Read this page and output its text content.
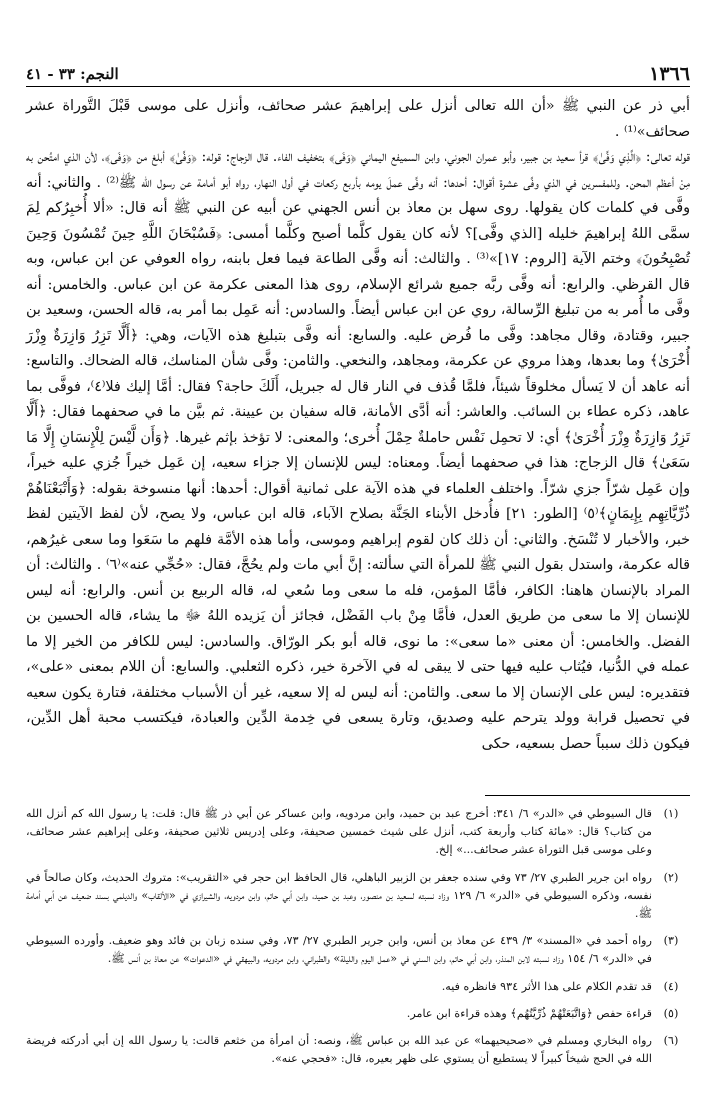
النجم: ٣٣ - ٤١	١٣٦٦

أبي ذر عن النبي ﷺ «أن الله تعالى أنزل على إبراهيمَ عشر صحائف، وأنزل على موسى قَبْلَ التَّوراة عشر صحائف»⁽¹⁾ .

قوله تعالى: ﴿الَّذِي وَفَّىٰ﴾ قرأ سعيد بن جبير، وأبو عمران الجوني، وابن السميفع اليماني ﴿وَفَى﴾ بتخفيف الفاء. قال الزجاج: قوله: ﴿وَفَّىٰ﴾ أبلغ من ﴿وَفَى﴾، لأن الذي امتُحن به مِنْ أعظم المحن. وللمفسرين في الذي وفَّى عشرة أقوال: أحدها: أنه وفَّى عملَ يومه بأربع ركعات في أول النهار، رواه أبو أمامة عن رسول الله ﷺ⁽²⁾ . والثاني: أنه وفَّى في كلمات كان يقولها. روى سهل بن معاذ بن أنس الجهني عن أبيه عن النبي ﷺ أنه قال: «ألا أُخبِرُكم لِمَ سمَّى اللهُ إبراهيمَ خليله [الذي وفَّى]؟ لأنه كان يقول كلَّما أصبح وكلَّما أمسى: ﴿فَسُبْحَانَ اللَّهِ حِينَ تُمْسُونَ وَحِينَ تُصْبِحُونَ﴾ وختم الآية [الروم: ١٧]»⁽³⁾ . والثالث: أنه وفَّى الطاعة فيما فعل بابنه، رواه العوفي عن ابن عباس، وبه قال القرظي. والرابع: أنه وفَّى ربَّه جميع شرائع الإسلام، روى هذا المعنى عكرمة عن ابن عباس. والخامس: أنه وفَّى ما أُمر به من تبليغ الرِّسالة، روي عن ابن عباس أيضاً. والسادس: أنه عَمِل بما أمر به، قاله الحسن، وسعيد بن جبير، وقتادة، وقال مجاهد: وفَّى ما فُرض عليه. والسابع: أنه وفَّى بتبليغ هذه الآيات، وهي: ﴿أَلَّا تَزِرُ وَازِرَةٌ وِزْرَ أُخْرَىٰ﴾ وما بعدها، وهذا مروي عن عكرمة، ومجاهد، والنخعي. والثامن: وفَّى شأن المناسك، قاله الضحاك. والتاسع: أنه عاهد أن لا يَسأل مخلوقاً شيئاً، فلمَّا قُذف في النار قال له جبريل، أَلَكَ حاجة؟ فقال: أمَّا إليك فلا⁽٤⁾، فوفَّى بما عاهد، ذكره عطاء بن السائب. والعاشر: أنه أدَّى الأمانة، قاله سفيان بن عيينة. ثم بيَّن ما في صحفهما فقال: ﴿أَلَّا تَزِرُ وَازِرَةٌ وِزْرَ أُخْرَىٰ﴾ أي: لا تحمِل نَفْس حاملةٌ حِمْلَ أُخرى؛ والمعنى: لا تؤخذ بإثم غيرها. ﴿وَأَن لَّيْسَ لِلْإِنسَانِ إِلَّا مَا سَعَىٰ﴾ قال الزجاج: هذا في صحفهما أيضاً. ومعناه: ليس للإنسان إلا جزاء سعيه، إن عَمِل خيراً جُزي عليه خيراً، وإن عَمِل شرّاً جزي شرّاً. واختلف العلماء في هذه الآية على ثمانية أقوال: أحدها: أنها منسوخة بقوله: ﴿وَأَتْبَعْنَاهُمْ ذُرِّيَّاتِهِم بِإِيمَانٍ﴾⁽٥⁾ [الطور: ٢١] فأُدخل الأبناء الجَنَّة بصلاح الآباء، قاله ابن عباس، ولا يصح، لأن لفظ الآيتين لفظ خبر، والأخبار لا تُنْسَخ. والثاني: أن ذلك كان لقوم إبراهيم وموسى، وأما هذه الأمَّة فلهم ما سَعَوا وما سعى غيرُهم، قاله عكرمة، واستدل بقول النبي ﷺ للمرأة التي سألته: إنَّ أبي مات ولم يحُجَّ، فقال: «حُجِّي عنه»⁽٦⁾ . والثالث: أن المراد بالإنسان هاهنا: الكافر، فأمَّا المؤمن، فله ما سعى وما سُعي له، قاله الربيع بن أنس. والرابع: أنه ليس للإنسان إلا ما سعى من طريق العدل، فأمَّا مِنْ باب الفَضْل، فجائز أن يَزيده اللهُ ﷻ ما يشاء، قاله الحسين بن الفضل. والخامس: أن معنى «ما سعى»: ما نوى، قاله أبو بكر الورّاق. والسادس: ليس للكافر من الخير إلا ما عمله في الدُّنيا، فيُثاب عليه فيها حتى لا يبقى له في الآخرة خير، ذكره الثعلبي. والسابع: أن اللام بمعنى «على»، فتقديره: ليس على الإنسان إلا ما سعى. والثامن: أنه ليس له إلا سعيه، غير أن الأسباب مختلفة، فتارة يكون سعيه في تحصيل قرابة وولد يترحم عليه وصديق، وتارة يسعى في خِدمة الدِّين والعبادة، فيكتسب محبة أهل الدِّين، فيكون ذلك سبباً حصل بسعيه، حكى

(١)
قال السيوطي في «الدر» ٦/ ٣٤١: أخرج عبد بن حميد، وابن مردويه، وابن عساكر عن أبي ذر ﷺ قال: قلت: يا رسول الله كم أنزل الله من كتاب؟ قال: «مائة كتاب وأربعة كتب، أنزل على شيث خمسين صحيفة، وعلى إدريس ثلاثين صحيفة، وعلى إبراهيم عشر صحائف، وعلى موسى قبل التوراة عشر صحائف...» إلخ.
(٢)
رواه ابن جرير الطبري ٢٧/ ٧٣ وفي سنده جعفر بن الزبير الباهلي، قال الحافظ ابن حجر في «التقريب»: متروك الحديث، وكان صالحاً في نفسه، وذكره السيوطي في «الدر» ٦/ ١٢٩ وزاد نسبته لسعيد بن منصور، وعبد بن حميد، وابن أبي حاتم، وابن مردويه، والشيرازي في «الألقاب» والديلمي بسند ضعيف عن أبي أمامة ﷺ.
(٣)
رواه أحمد في «المسند» ٣/ ٤٣٩ عن معاذ بن أنس، وابن جرير الطبري ٢٧/ ٧٣، وفي سنده زبان بن فائد وهو ضعيف. وأورده السيوطي في «الدر» ٦/ ١٥٤ وزاد نسبته لابن المنذر، وابن أبي حاتم، وابن السني في «عمل اليوم والليلة» والطبراني، وابن مردويه، والبيهقي في «الدعوات» عن معاذ بن أنس ﷺ.
(٤)
قد تقدم الكلام على هذا الأثر ٩٣٤ فانظره فيه.
(٥)
قراءة حفص ﴿وَاتَّبَعَتْهُمْ ذُرِّيَّتُهُم﴾ وهذه قراءة ابن عامر.
(٦)
رواه البخاري ومسلم في «صحيحيهما» عن عبد الله بن عباس ﷺ، ونصه: أن امرأة من خثعم قالت: يا رسول الله إن أبي أدركته فريضة الله في الحج شيخاً كبيراً لا يستطيع أن يستوي على ظهر بعيره، قال: «فحجي عنه».
